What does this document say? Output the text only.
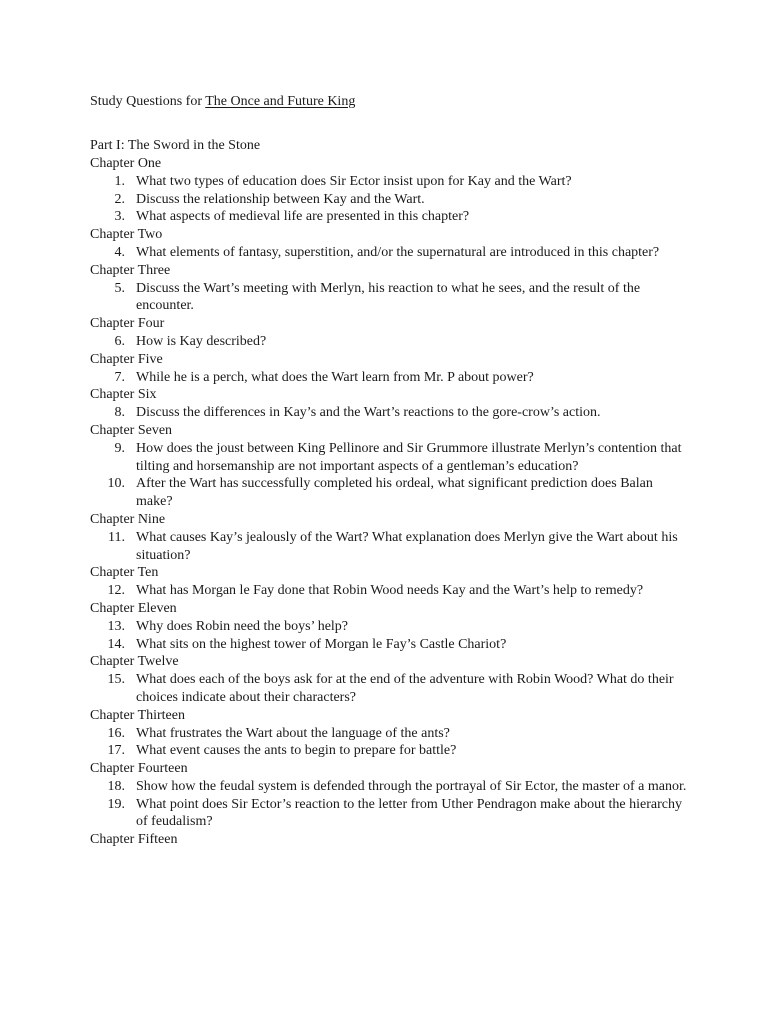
Study Questions for The Once and Future King
Part I: The Sword in the Stone
Chapter One
1. What two types of education does Sir Ector insist upon for Kay and the Wart?
2. Discuss the relationship between Kay and the Wart.
3. What aspects of medieval life are presented in this chapter?
Chapter Two
4. What elements of fantasy, superstition, and/or the supernatural are introduced in this chapter?
Chapter Three
5. Discuss the Wart’s meeting with Merlyn, his reaction to what he sees, and the result of the encounter.
Chapter Four
6. How is Kay described?
Chapter Five
7. While he is a perch, what does the Wart learn from Mr. P about power?
Chapter Six
8. Discuss the differences in Kay’s and the Wart’s reactions to the gore-crow’s action.
Chapter Seven
9. How does the joust between King Pellinore and Sir Grummore illustrate Merlyn’s contention that tilting and horsemanship are not important aspects of a gentleman’s education?
10. After the Wart has successfully completed his ordeal, what significant prediction does Balan make?
Chapter Nine
11. What causes Kay’s jealously of the Wart? What explanation does Merlyn give the Wart about his situation?
Chapter Ten
12. What has Morgan le Fay done that Robin Wood needs Kay and the Wart’s help to remedy?
Chapter Eleven
13. Why does Robin need the boys’ help?
14. What sits on the highest tower of Morgan le Fay’s Castle Chariot?
Chapter Twelve
15. What does each of the boys ask for at the end of the adventure with Robin Wood? What do their choices indicate about their characters?
Chapter Thirteen
16. What frustrates the Wart about the language of the ants?
17. What event causes the ants to begin to prepare for battle?
Chapter Fourteen
18. Show how the feudal system is defended through the portrayal of Sir Ector, the master of a manor.
19. What point does Sir Ector’s reaction to the letter from Uther Pendragon make about the hierarchy of feudalism?
Chapter Fifteen
